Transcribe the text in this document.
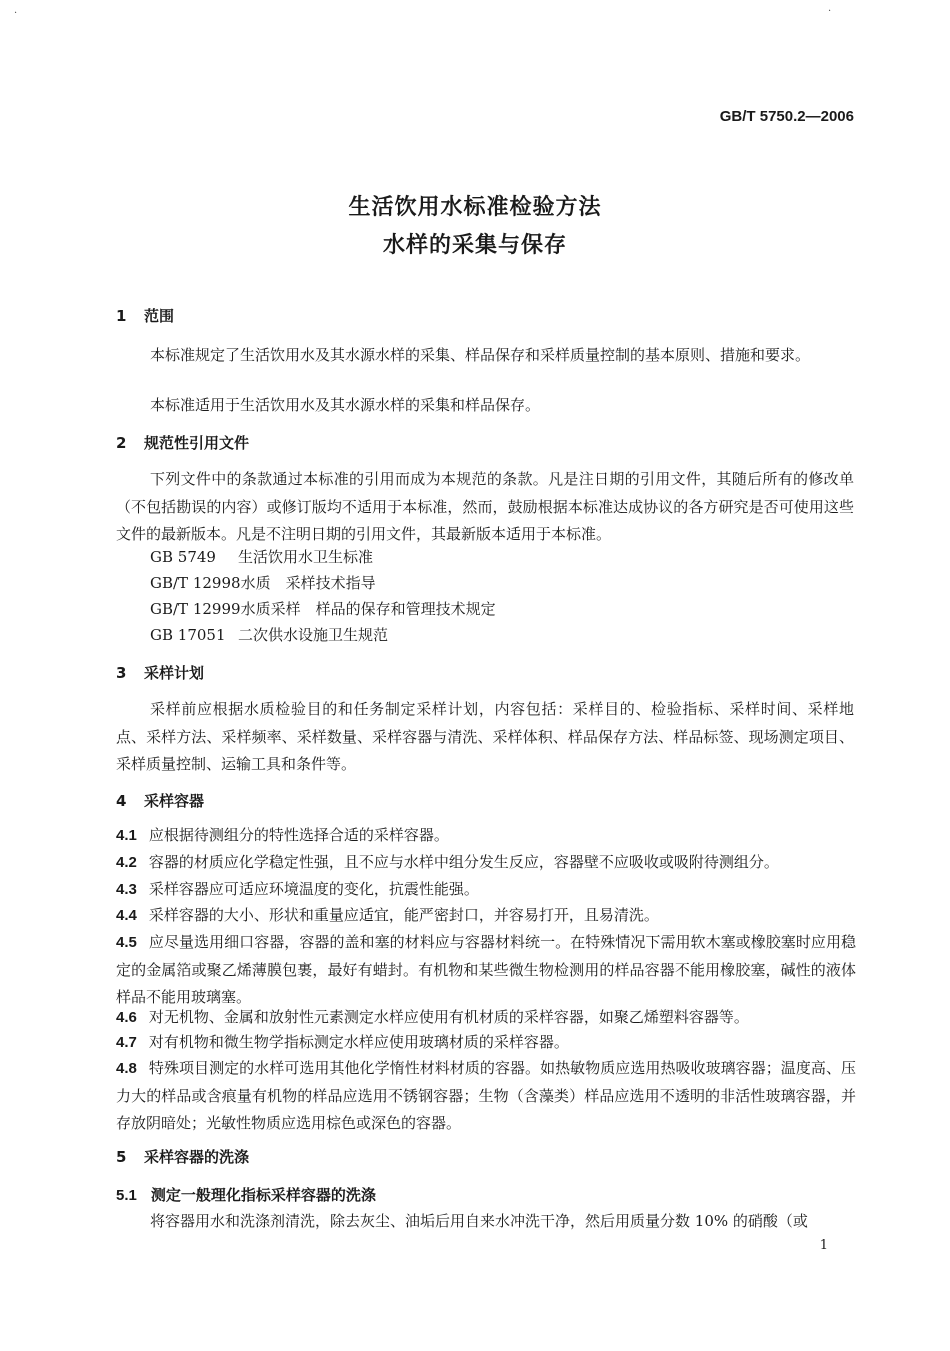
·	·
GB/T 5750.2—2006
生活饮用水标准检验方法
水样的采集与保存
1 范围
本标准规定了生活饮用水及其水源水样的采集、样品保存和采样质量控制的基本原则、措施和要求。
本标准适用于生活饮用水及其水源水样的采集和样品保存。
2 规范性引用文件
下列文件中的条款通过本标准的引用而成为本规范的条款。凡是注日期的引用文件，其随后所有的修改单（不包括勘误的内容）或修订版均不适用于本标准，然而，鼓励根据本标准达成协议的各方研究是否可使用这些文件的最新版本。凡是不注明日期的引用文件，其最新版本适用于本标准。
GB 5749 生活饮用水卫生标准
GB/T 12998水质　采样技术指导
GB/T 12999水质采样　样品的保存和管理技术规定
GB 17051 二次供水设施卫生规范
3 采样计划
采样前应根据水质检验目的和任务制定采样计划，内容包括：采样目的、检验指标、采样时间、采样地点、采样方法、采样频率、采样数量、采样容器与清洗、采样体积、样品保存方法、样品标签、现场测定项目、采样质量控制、运输工具和条件等。
4 采样容器
4.1 应根据待测组分的特性选择合适的采样容器。
4.2 容器的材质应化学稳定性强，且不应与水样中组分发生反应，容器壁不应吸收或吸附待测组分。
4.3 采样容器应可适应环境温度的变化，抗震性能强。
4.4 采样容器的大小、形状和重量应适宜，能严密封口，并容易打开，且易清洗。
4.5 应尽量选用细口容器，容器的盖和塞的材料应与容器材料统一。在特殊情况下需用软木塞或橡胶塞时应用稳定的金属箔或聚乙烯薄膜包裹，最好有蜡封。有机物和某些微生物检测用的样品容器不能用橡胶塞，碱性的液体样品不能用玻璃塞。
4.6 对无机物、金属和放射性元素测定水样应使用有机材质的采样容器，如聚乙烯塑料容器等。
4.7 对有机物和微生物学指标测定水样应使用玻璃材质的采样容器。
4.8 特殊项目测定的水样可选用其他化学惰性材料材质的容器。如热敏物质应选用热吸收玻璃容器；温度高、压力大的样品或含痕量有机物的样品应选用不锈钢容器；生物（含藻类）样品应选用不透明的非活性玻璃容器，并存放阴暗处；光敏性物质应选用棕色或深色的容器。
5 采样容器的洗涤
5.1 测定一般理化指标采样容器的洗涤
将容器用水和洗涤剂清洗，除去灰尘、油垢后用自来水冲洗干净，然后用质量分数 10% 的硝酸（或
1
